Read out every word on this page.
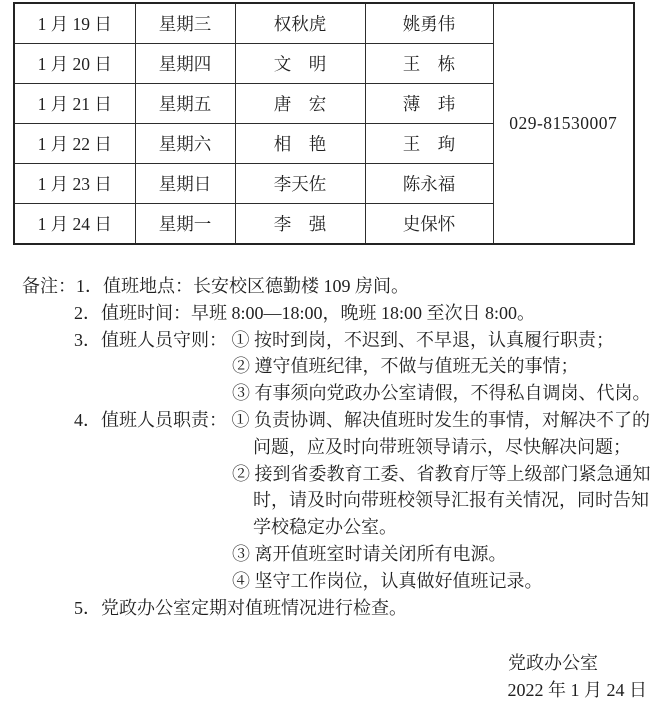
1 月 19 日	星期三	权秋虎	姚勇伟	029-81530007
1 月 20 日	星期四	文　明	王　栋	
1 月 21 日	星期五	唐　宏	薄　玮	
1 月 22 日	星期六	相　艳	王　珣	
1 月 23 日	星期日	李天佐	陈永福	
1 月 24 日	星期一	李　强	史保怀	
备注：1．值班地点：长安校区德勤楼 109 房间。
2．值班时间：早班 8:00—18:00，晚班 18:00 至次日 8:00。
3．值班人员守则： ① 按时到岗，不迟到、不早退，认真履行职责；
② 遵守值班纪律，不做与值班无关的事情；
③ 有事须向党政办公室请假，不得私自调岗、代岗。
4．值班人员职责： ① 负责协调、解决值班时发生的事情，对解决不了的
问题，应及时向带班领导请示，尽快解决问题；
② 接到省委教育工委、省教育厅等上级部门紧急通知
时，请及时向带班校领导汇报有关情况，同时告知
学校稳定办公室。
③ 离开值班室时请关闭所有电源。
④ 坚守工作岗位，认真做好值班记录。
5．党政办公室定期对值班情况进行检查。
党政办公室
2022 年 1 月 24 日
